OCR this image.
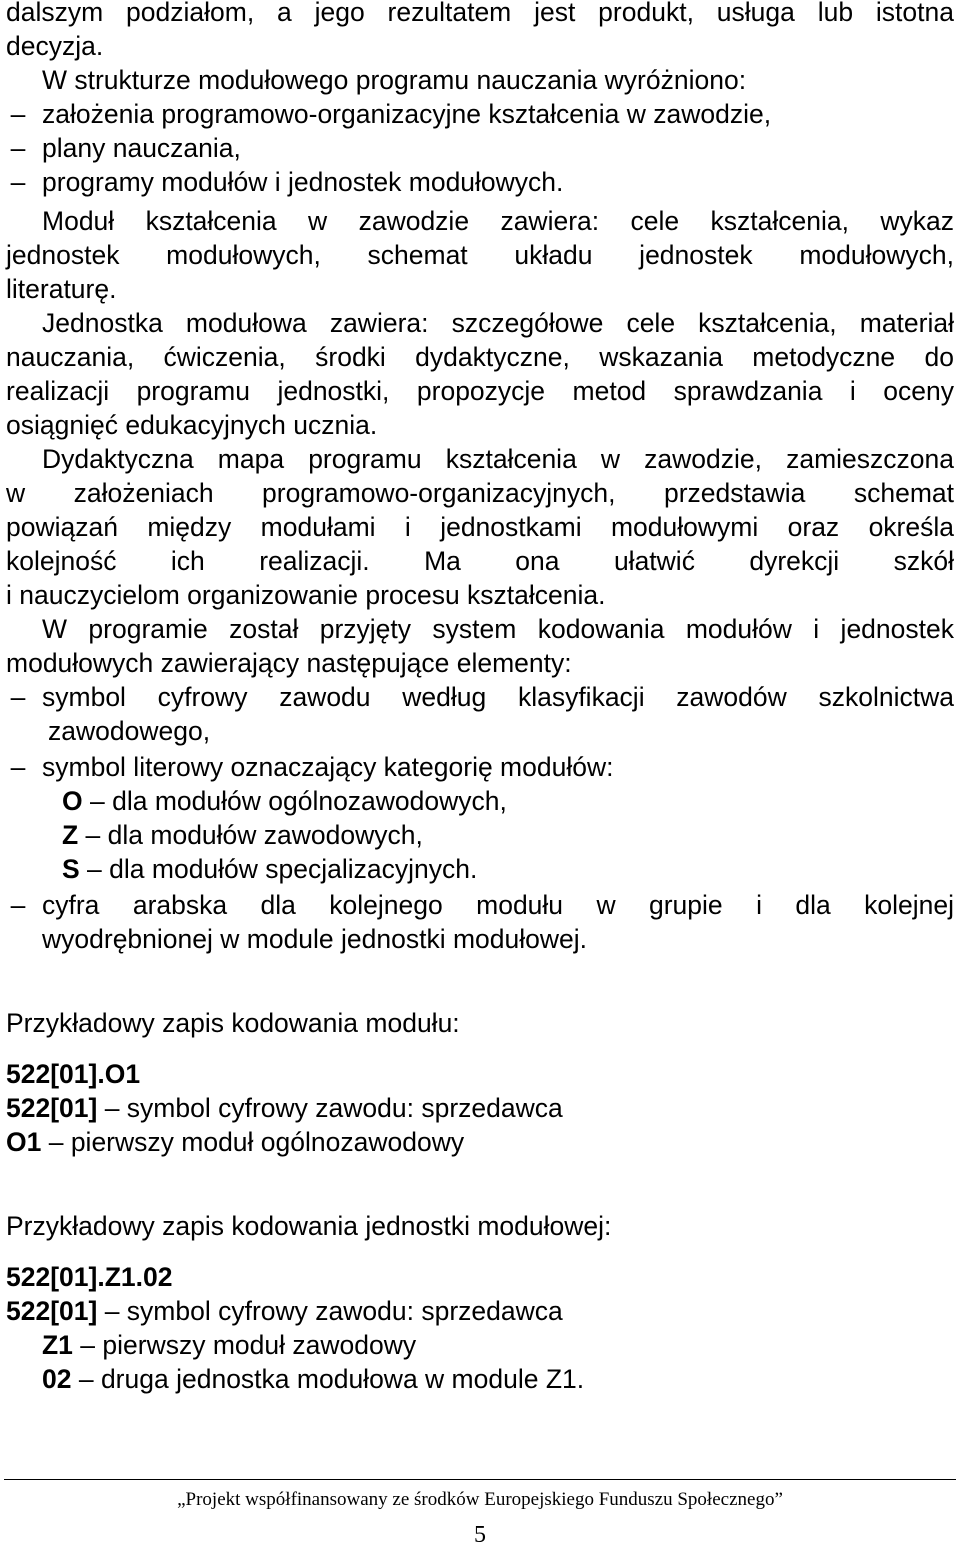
dalszym podziałom, a jego rezultatem jest produkt, usługa lub istotna
decyzja.
W strukturze modułowego programu nauczania wyróżniono:
– założenia programowo-organizacyjne kształcenia w zawodzie,
– plany nauczania,
– programy modułów i jednostek modułowych.
Moduł kształcenia w zawodzie zawiera: cele kształcenia, wykaz
jednostek modułowych, schemat układu jednostek modułowych,
literaturę.
Jednostka modułowa zawiera: szczegółowe cele kształcenia, materiał
nauczania, ćwiczenia, środki dydaktyczne, wskazania metodyczne do
realizacji programu jednostki, propozycje metod sprawdzania i oceny
osiągnięć edukacyjnych ucznia.
Dydaktyczna mapa programu kształcenia w zawodzie, zamieszczona
w założeniach programowo-organizacyjnych, przedstawia schemat
powiązań między modułami i jednostkami modułowymi oraz określa
kolejność ich realizacji. Ma ona ułatwić dyrekcji szkół
i nauczycielom organizowanie procesu kształcenia.
W programie został przyjęty system kodowania modułów i jednostek
modułowych zawierający następujące elementy:
– symbol cyfrowy zawodu według klasyfikacji zawodów szkolnictwa
zawodowego,
– symbol literowy oznaczający kategorię modułów:
O – dla modułów ogólnozawodowych,
Z – dla modułów zawodowych,
S – dla modułów specjalizacyjnych.
– cyfra arabska dla kolejnego modułu w grupie i dla kolejnej
wyodrębnionej w module jednostki modułowej.
Przykładowy zapis kodowania modułu:
522[01].O1
522[01] – symbol cyfrowy zawodu: sprzedawca
O1 – pierwszy moduł ogólnozawodowy
Przykładowy zapis kodowania jednostki modułowej:
522[01].Z1.02
522[01] – symbol cyfrowy zawodu: sprzedawca
Z1 – pierwszy moduł zawodowy
02 – druga jednostka modułowa w module Z1.
„Projekt współfinansowany ze środków Europejskiego Funduszu Społecznego”
5
